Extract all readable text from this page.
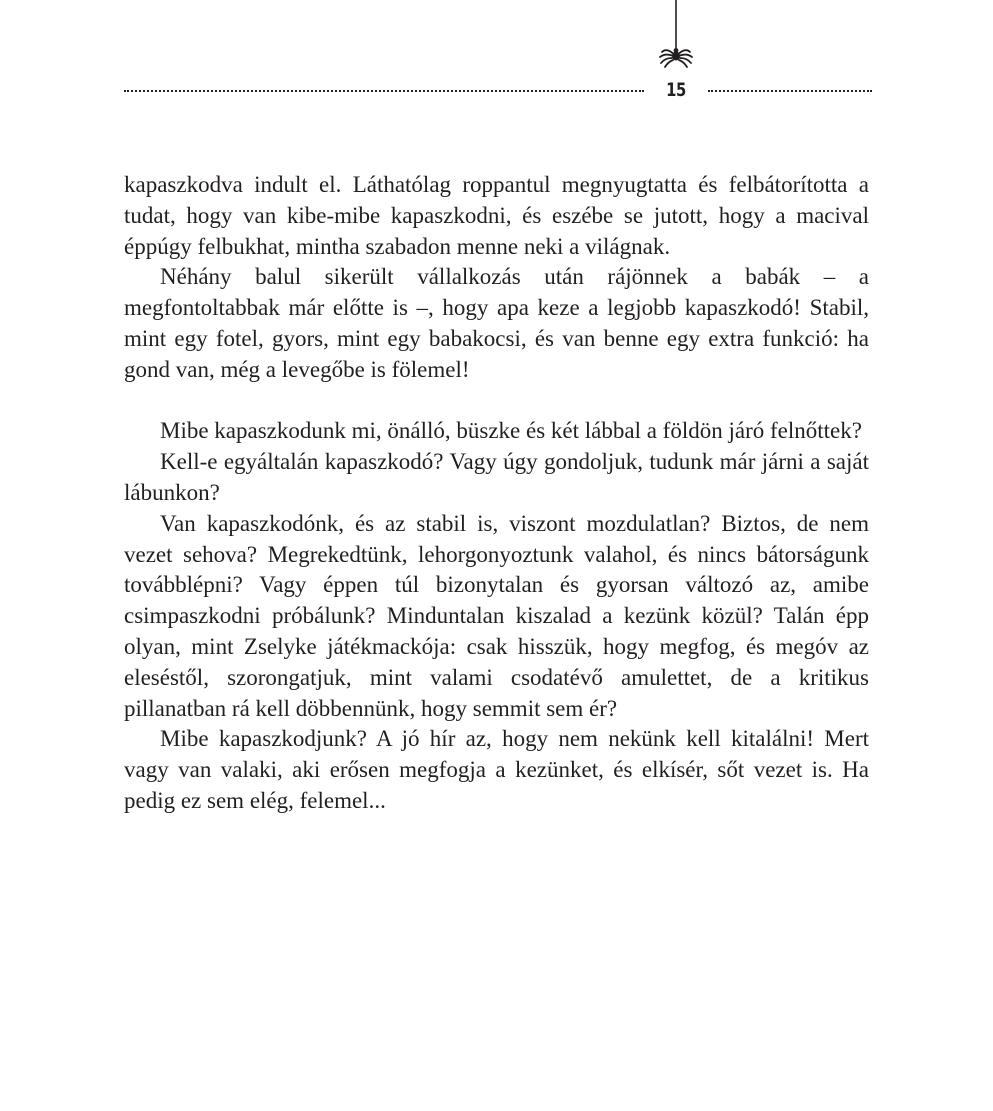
15

kapaszkodva indult el. Láthatólag roppantul megnyugtatta és felbátorította a tudat, hogy van kibe-mibe kapaszkodni, és eszébe se jutott, hogy a macival éppúgy felbukhat, mintha szabadon menne neki a világnak.

Néhány balul sikerült vállalkozás után rájönnek a babák – a megfontoltabbak már előtte is –, hogy apa keze a legjobb kapaszkodó! Stabil, mint egy fotel, gyors, mint egy babakocsi, és van benne egy extra funkció: ha gond van, még a levegőbe is fölemel!

Mibe kapaszkodunk mi, önálló, büszke és két lábbal a földön járó felnőttek?

Kell-e egyáltalán kapaszkodó? Vagy úgy gondoljuk, tudunk már járni a saját lábunkon?

Van kapaszkodónk, és az stabil is, viszont mozdulatlan? Biztos, de nem vezet sehova? Megrekedtünk, lehorgonyoztunk valahol, és nincs bátorságunk továbblépni? Vagy éppen túl bizonytalan és gyorsan változó az, amibe csimpaszkodni próbálunk? Minduntalan kiszalad a kezünk közül? Talán épp olyan, mint Zselyke játékmackója: csak hisszük, hogy megfog, és megóv az eleséstől, szorongatjuk, mint valami csodatévő amulettet, de a kritikus pillanatban rá kell döbbennünk, hogy semmit sem ér?

Mibe kapaszkodjunk? A jó hír az, hogy nem nekünk kell kitalálni! Mert vagy van valaki, aki erősen megfogja a kezünket, és elkísér, sőt vezet is. Ha pedig ez sem elég, felemel...
